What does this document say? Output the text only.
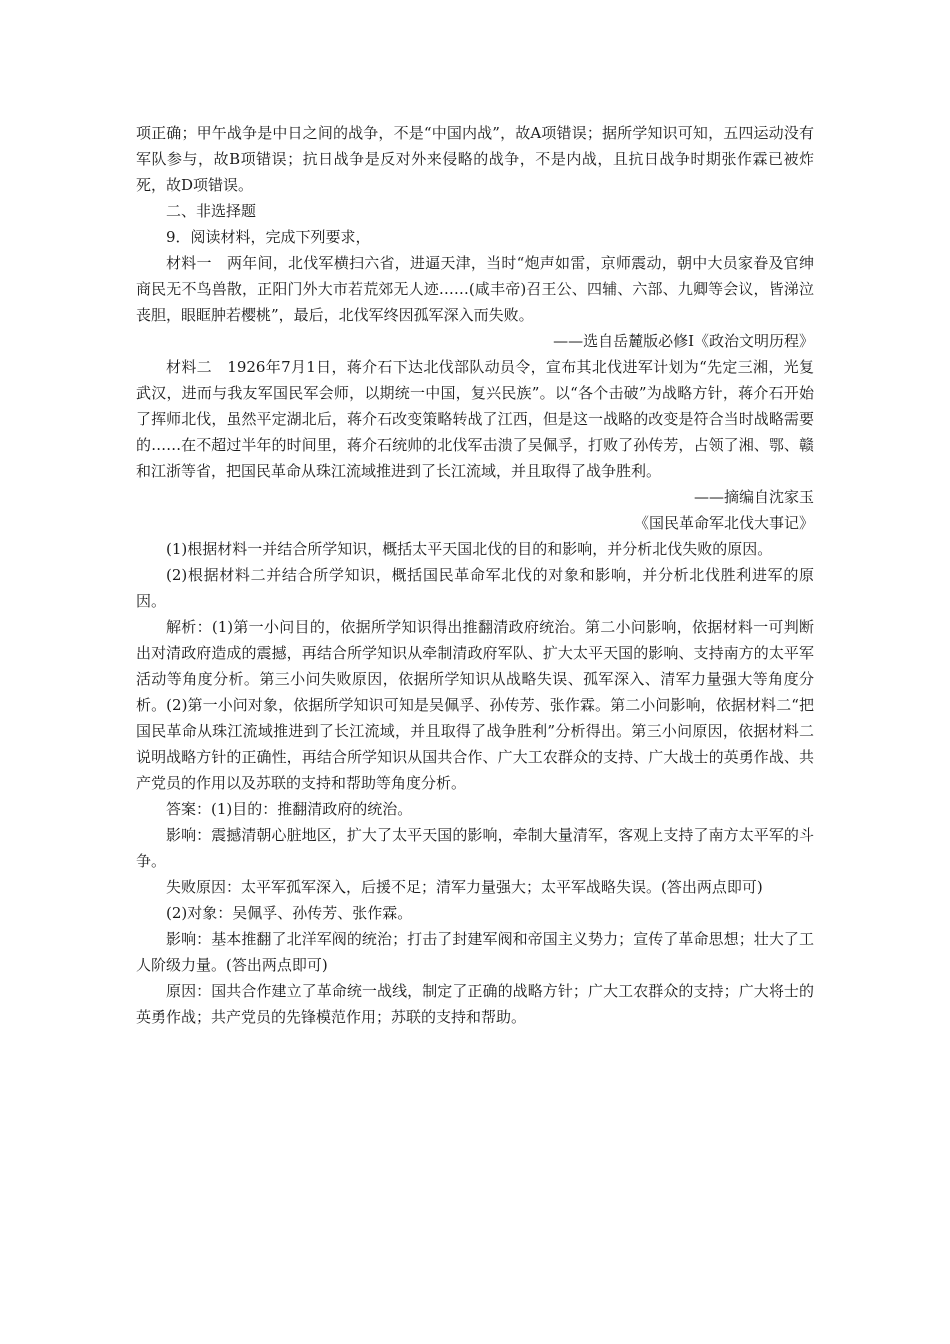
项正确；甲午战争是中日之间的战争，不是“中国内战”，故A项错误；据所学知识可知，五四运动没有军队参与，故B项错误；抗日战争是反对外来侵略的战争，不是内战，且抗日战争时期张作霖已被炸死，故D项错误。

二、非选择题

9．阅读材料，完成下列要求，

材料一　两年间，北伐军横扫六省，进逼天津，当时“炮声如雷，京师震动，朝中大员家眷及官绅商民无不鸟兽散，正阳门外大市若荒郊无人迹……(咸丰帝)召王公、四辅、六部、九卿等会议，皆涕泣丧胆，眼眶肿若樱桃”，最后，北伐军终因孤军深入而失败。

——选自岳麓版必修Ⅰ《政治文明历程》

材料二　1926年7月1日，蒋介石下达北伐部队动员令，宣布其北伐进军计划为“先定三湘，光复武汉，进而与我友军国民军会师，以期统一中国，复兴民族”。以“各个击破”为战略方针，蒋介石开始了挥师北伐，虽然平定湖北后，蒋介石改变策略转战了江西，但是这一战略的改变是符合当时战略需要的……在不超过半年的时间里，蒋介石统帅的北伐军击溃了吴佩孚，打败了孙传芳，占领了湘、鄂、赣和江浙等省，把国民革命从珠江流域推进到了长江流域，并且取得了战争胜利。

——摘编自沈家玉

《国民革命军北伐大事记》

(1)根据材料一并结合所学知识，概括太平天国北伐的目的和影响，并分析北伐失败的原因。

(2)根据材料二并结合所学知识，概括国民革命军北伐的对象和影响，并分析北伐胜利进军的原因。

解析：(1)第一小问目的，依据所学知识得出推翻清政府统治。第二小问影响，依据材料一可判断出对清政府造成的震撼，再结合所学知识从牵制清政府军队、扩大太平天国的影响、支持南方的太平军活动等角度分析。第三小问失败原因，依据所学知识从战略失误、孤军深入、清军力量强大等角度分析。(2)第一小问对象，依据所学知识可知是吴佩孚、孙传芳、张作霖。第二小问影响，依据材料二“把国民革命从珠江流域推进到了长江流域，并且取得了战争胜利”分析得出。第三小问原因，依据材料二说明战略方针的正确性，再结合所学知识从国共合作、广大工农群众的支持、广大战士的英勇作战、共产党员的作用以及苏联的支持和帮助等角度分析。

答案：(1)目的：推翻清政府的统治。

影响：震撼清朝心脏地区，扩大了太平天国的影响，牵制大量清军，客观上支持了南方太平军的斗争。

失败原因：太平军孤军深入，后援不足；清军力量强大；太平军战略失误。(答出两点即可)

(2)对象：吴佩孚、孙传芳、张作霖。

影响：基本推翻了北洋军阀的统治；打击了封建军阀和帝国主义势力；宣传了革命思想；壮大了工人阶级力量。(答出两点即可)

原因：国共合作建立了革命统一战线，制定了正确的战略方针；广大工农群众的支持；广大将士的英勇作战；共产党员的先锋模范作用；苏联的支持和帮助。
